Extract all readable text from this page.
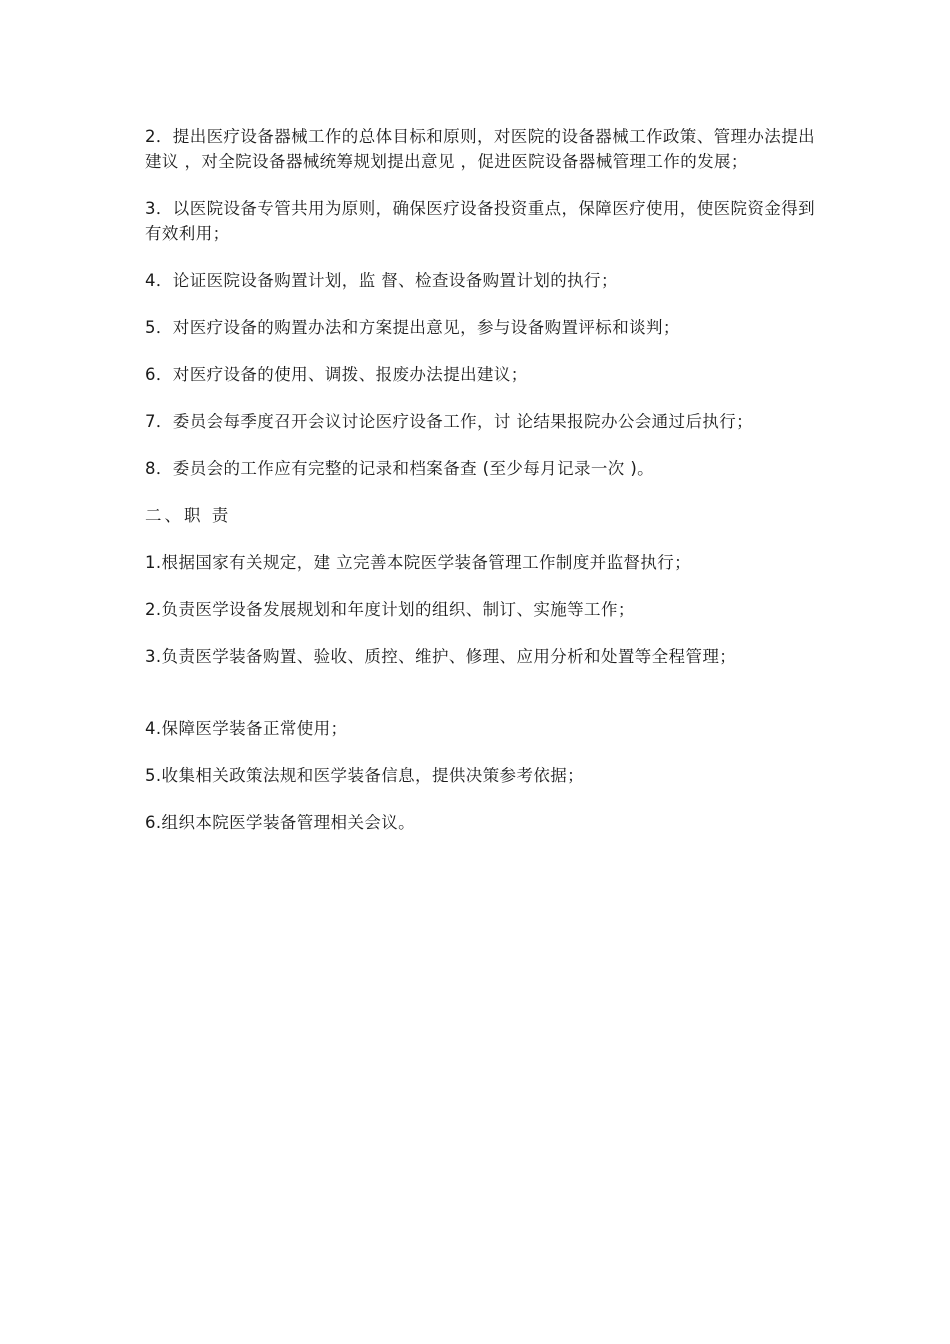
2．提出医疗设备器械工作的总体目标和原则，对医院的设备器械工作政策、管理办法提出建议 ，对全院设备器械统筹规划提出意见 ，促进医院设备器械管理工作的发展；

3．以医院设备专管共用为原则，确保医疗设备投资重点，保障医疗使用，使医院资金得到有效利用；

4．论证医院设备购置计划，监 督、检查设备购置计划的执行；

5．对医疗设备的购置办法和方案提出意见，参与设备购置评标和谈判；

6．对医疗设备的使用、调拨、报废办法提出建议；

7．委员会每季度召开会议讨论医疗设备工作，讨 论结果报院办公会通过后执行；

8．委员会的工作应有完整的记录和档案备查 (至少每月记录一次 )。

二、职 责

1.根据国家有关规定，建 立完善本院医学装备管理工作制度并监督执行；

2.负责医学设备发展规划和年度计划的组织、制订、实施等工作；

3.负责医学装备购置、验收、质控、维护、修理、应用分析和处置等全程管理；

4.保障医学装备正常使用；

5.收集相关政策法规和医学装备信息，提供决策参考依据；

6.组织本院医学装备管理相关会议。
